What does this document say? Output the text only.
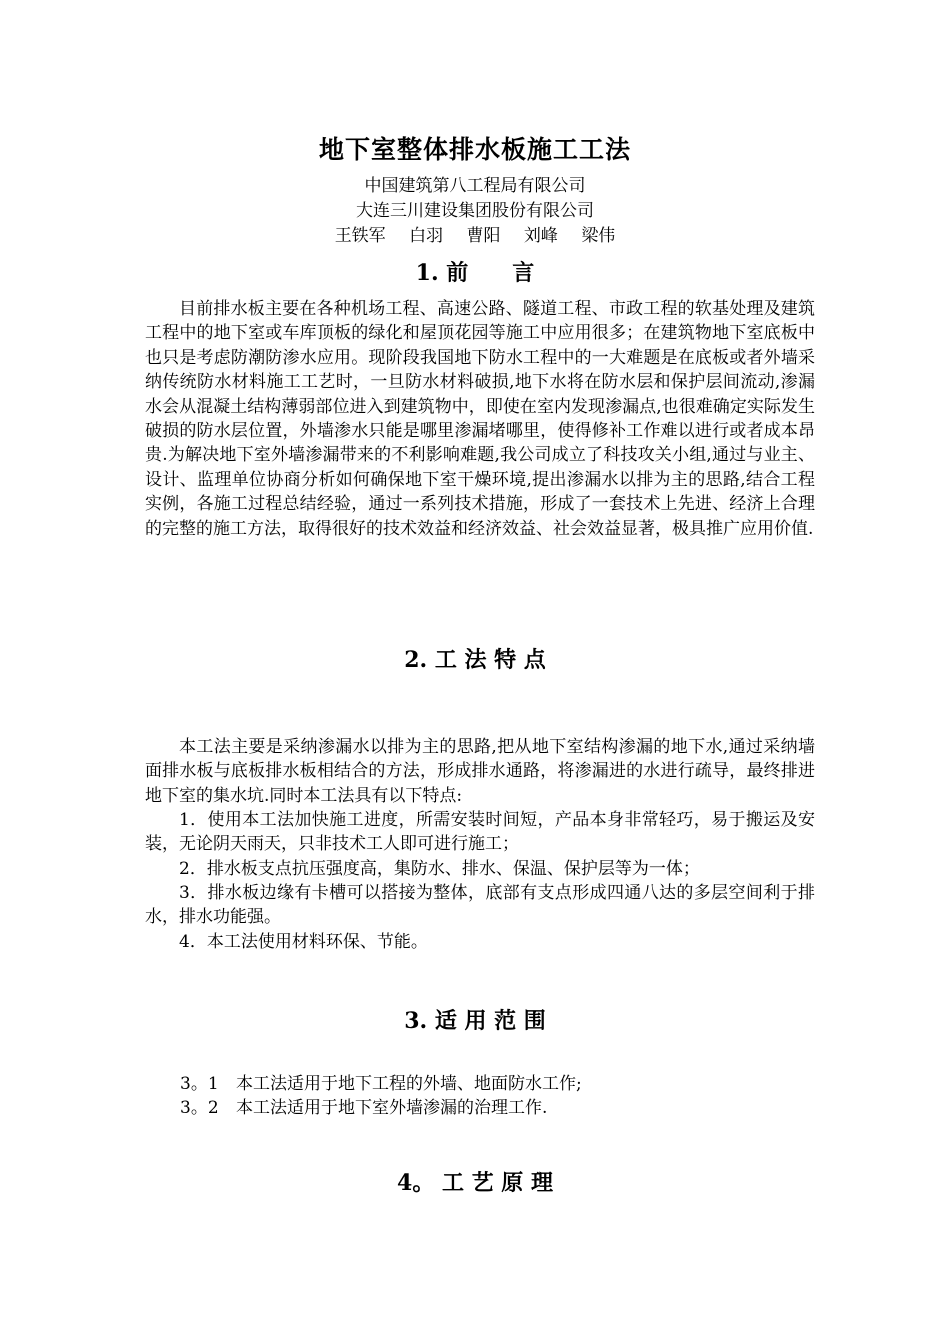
地下室整体排水板施工工法
中国建筑第八工程局有限公司
大连三川建设集团股份有限公司
王铁军 白羽 曹阳 刘峰 梁伟
1. 前　　言

目前排水板主要在各种机场工程、高速公路、隧道工程、市政工程的软基处理及建筑工程中的地下室或车库顶板的绿化和屋顶花园等施工中应用很多；在建筑物地下室底板中也只是考虑防潮防渗水应用。现阶段我国地下防水工程中的一大难题是在底板或者外墙采纳传统防水材料施工工艺时，一旦防水材料破损,地下水将在防水层和保护层间流动,渗漏水会从混凝土结构薄弱部位进入到建筑物中，即使在室内发现渗漏点,也很难确定实际发生破损的防水层位置，外墙渗水只能是哪里渗漏堵哪里，使得修补工作难以进行或者成本昂贵.为解决地下室外墙渗漏带来的不利影响难题,我公司成立了科技攻关小组,通过与业主、设计、监理单位协商分析如何确保地下室干燥环境,提出渗漏水以排为主的思路,结合工程实例，各施工过程总结经验，通过一系列技术措施，形成了一套技术上先进、经济上合理的完整的施工方法，取得很好的技术效益和经济效益、社会效益显著，极具推广应用价值.

2. 工 法 特 点

本工法主要是采纳渗漏水以排为主的思路,把从地下室结构渗漏的地下水,通过采纳墙面排水板与底板排水板相结合的方法，形成排水通路，将渗漏进的水进行疏导，最终排进地下室的集水坑.同时本工法具有以下特点:

1．使用本工法加快施工进度，所需安装时间短，产品本身非常轻巧，易于搬运及安装，无论阴天雨天，只非技术工人即可进行施工；

2．排水板支点抗压强度高，集防水、排水、保温、保护层等为一体；

3．排水板边缘有卡槽可以搭接为整体，底部有支点形成四通八达的多层空间利于排水，排水功能强。

4．本工法使用材料环保、节能。

3. 适 用 范 围

3。1 本工法适用于地下工程的外墙、地面防水工作;

3。2 本工法适用于地下室外墙渗漏的治理工作.

4。 工 艺 原 理
